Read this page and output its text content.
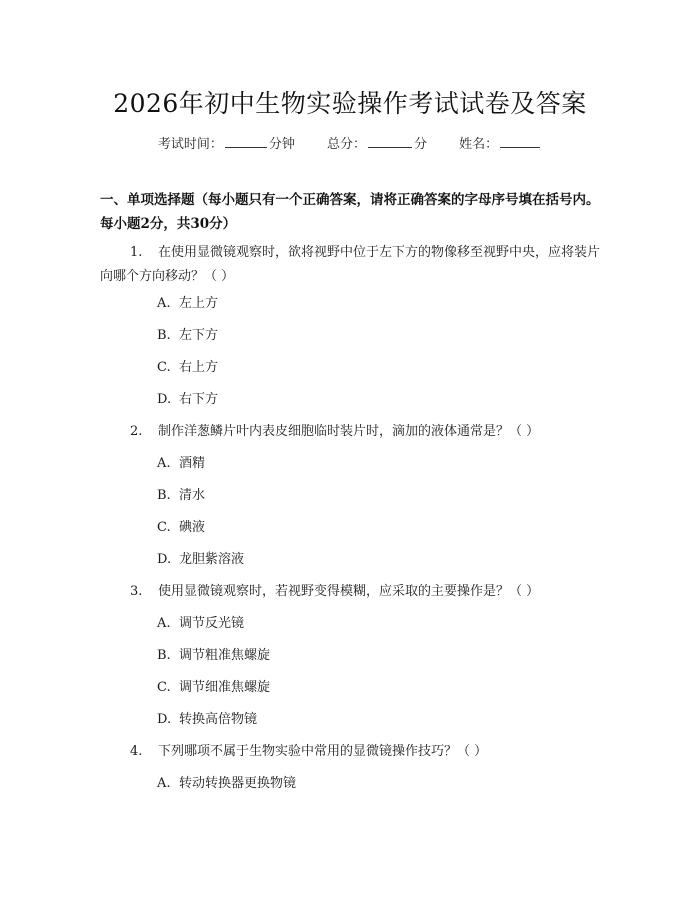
2026年初中生物实验操作考试试卷及答案
考试时间：	分钟 总分：	分 姓名：
一、单项选择题（每小题只有一个正确答案，请将正确答案的字母序号填在括号内。每小题2分，共30分）
1. 在使用显微镜观察时，欲将视野中位于左下方的物像移至视野中央，应将装片向哪个方向移动？（ ）
A. 左上方
B. 左下方
C. 右上方
D. 右下方
2. 制作洋葱鳞片叶内表皮细胞临时装片时，滴加的液体通常是？（ ）
A. 酒精
B. 清水
C. 碘液
D. 龙胆紫溶液
3. 使用显微镜观察时，若视野变得模糊，应采取的主要操作是？（ ）
A. 调节反光镜
B. 调节粗准焦螺旋
C. 调节细准焦螺旋
D. 转换高倍物镜
4. 下列哪项不属于生物实验中常用的显微镜操作技巧？（ ）
A. 转动转换器更换物镜
